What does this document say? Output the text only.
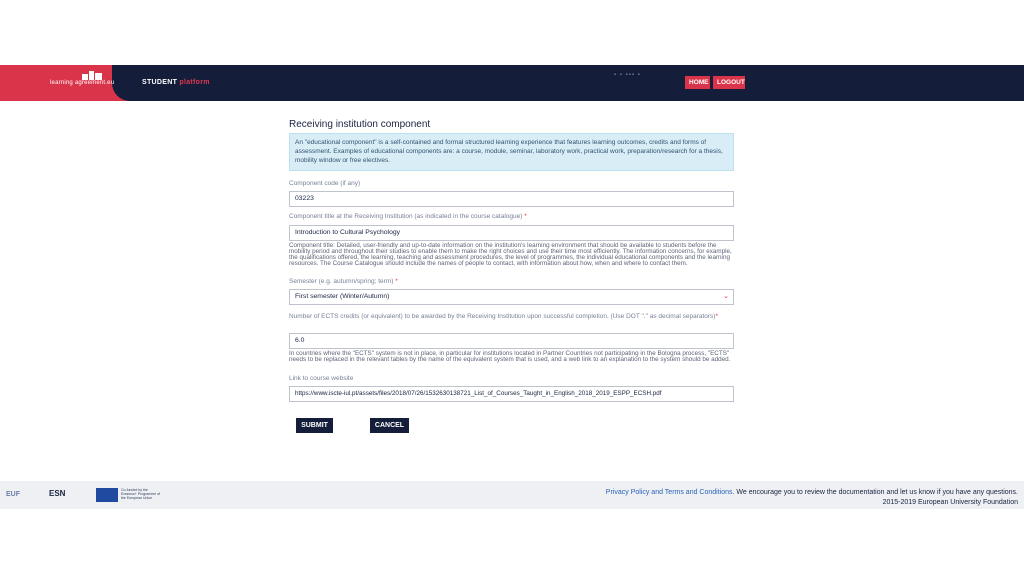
learning agreement.eu	STUDENT platform
▪ ▪ ▪▪▪ ▪
HOME	LOGOUT
Receiving institution component
An "educational component" is a self-contained and formal structured learning experience that features learning outcomes, credits and forms of assessment. Examples of educational components are: a course, module, seminar, laboratory work, practical work, preparation/research for a thesis, mobility window or free electives.
Component code (if any)
03223
Component title at the Receiving Institution (as indicated in the course catalogue) *
Introduction to Cultural Psychology
Component title: Detailed, user-friendly and up-to-date information on the institution's learning environment that should be available to students before the mobility period and throughout their studies to enable them to make the right choices and use their time most efficiently. The information concerns, for example, the qualifications offered, the learning, teaching and assessment procedures, the level of programmes, the individual educational components and the learning resources. The Course Catalogue should include the names of people to contact, with information about how, when and where to contact them.
Semester (e.g. autumn/spring; term) *
First semester (Winter/Autumn)	⌄
Number of ECTS credits (or equivalent) to be awarded by the Receiving Institution upon successful completion. (Use DOT "." as decimal separators)*
6.0
In countries where the "ECTS" system is not in place, in particular for institutions located in Partner Countries not participating in the Bologna process, "ECTS" needs to be replaced in the relevant tables by the name of the equivalent system that is used, and a web link to an explanation to the system should be added.
Link to course website
https://www.iscte-iul.pt/assets/files/2018/07/26/1532630138721_List_of_Courses_Taught_in_English_2018_2019_ESPP_ECSH.pdf
SUBMIT	CANCEL
EUF	ESN	Co-funded by the Erasmus+ Programme of the European Union
Privacy Policy and Terms and Conditions. We encourage you to review the documentation and let us know if you have any questions.
2015-2019 European University Foundation
